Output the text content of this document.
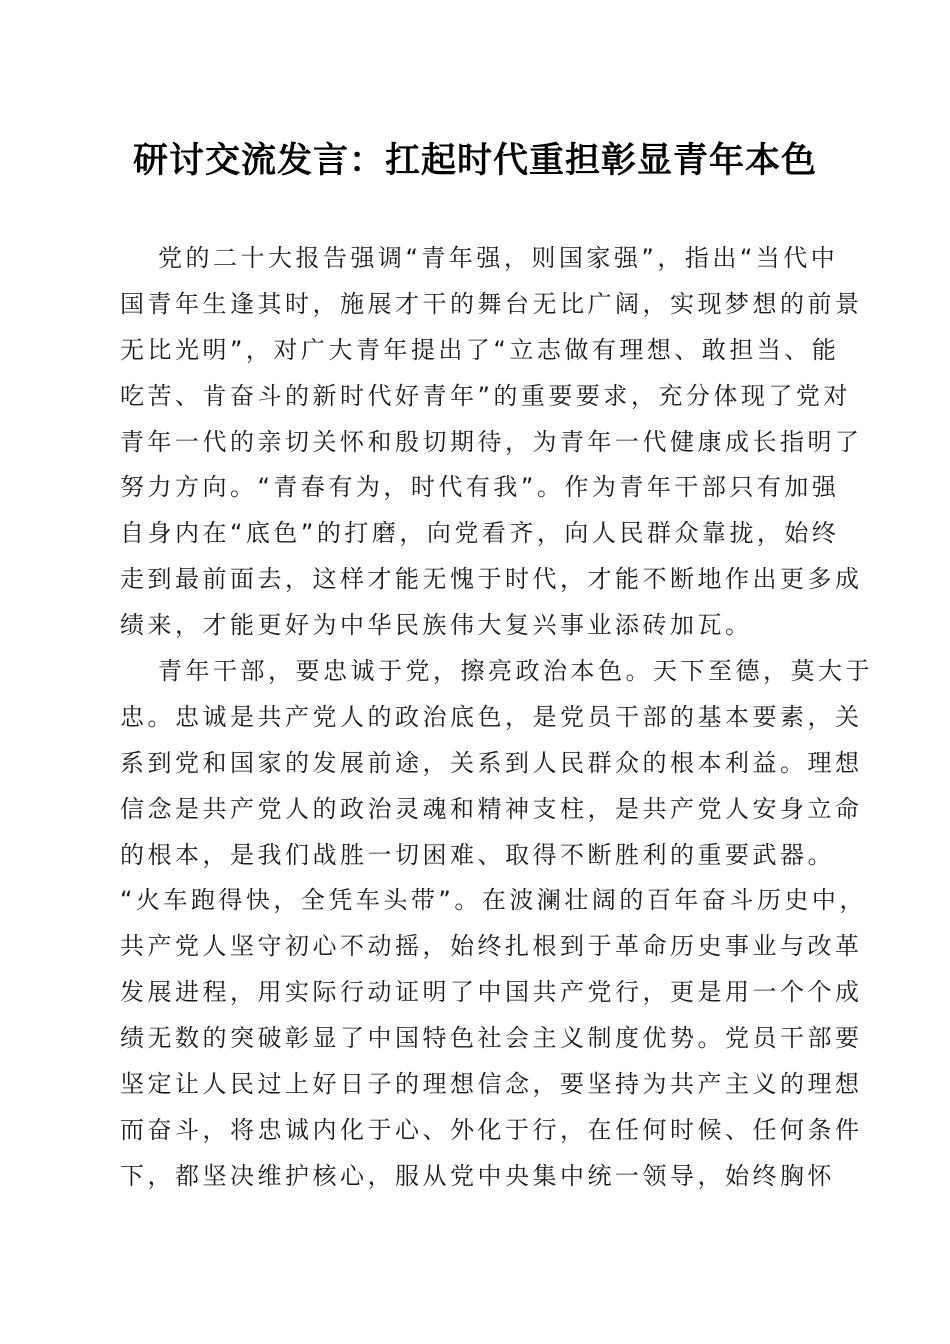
研讨交流发言：扛起时代重担彰显青年本色
党的二十大报告强调“青年强，则国家强”，指出“当代中
国青年生逢其时，施展才干的舞台无比广阔，实现梦想的前景
无比光明”，对广大青年提出了“立志做有理想、敢担当、能
吃苦、肯奋斗的新时代好青年”的重要要求，充分体现了党对
青年一代的亲切关怀和殷切期待，为青年一代健康成长指明了
努力方向。“青春有为，时代有我”。作为青年干部只有加强
自身内在“底色”的打磨，向党看齐，向人民群众靠拢，始终
走到最前面去，这样才能无愧于时代，才能不断地作出更多成
绩来，才能更好为中华民族伟大复兴事业添砖加瓦。
青年干部，要忠诚于党，擦亮政治本色。天下至德，莫大于
忠。忠诚是共产党人的政治底色，是党员干部的基本要素，关
系到党和国家的发展前途，关系到人民群众的根本利益。理想
信念是共产党人的政治灵魂和精神支柱，是共产党人安身立命
的根本，是我们战胜一切困难、取得不断胜利的重要武器。
“火车跑得快，全凭车头带”。在波澜壮阔的百年奋斗历史中，
共产党人坚守初心不动摇，始终扎根到于革命历史事业与改革
发展进程，用实际行动证明了中国共产党行，更是用一个个成
绩无数的突破彰显了中国特色社会主义制度优势。党员干部要
坚定让人民过上好日子的理想信念，要坚持为共产主义的理想
而奋斗，将忠诚内化于心、外化于行，在任何时候、任何条件
下，都坚决维护核心，服从党中央集中统一领导，始终胸怀
